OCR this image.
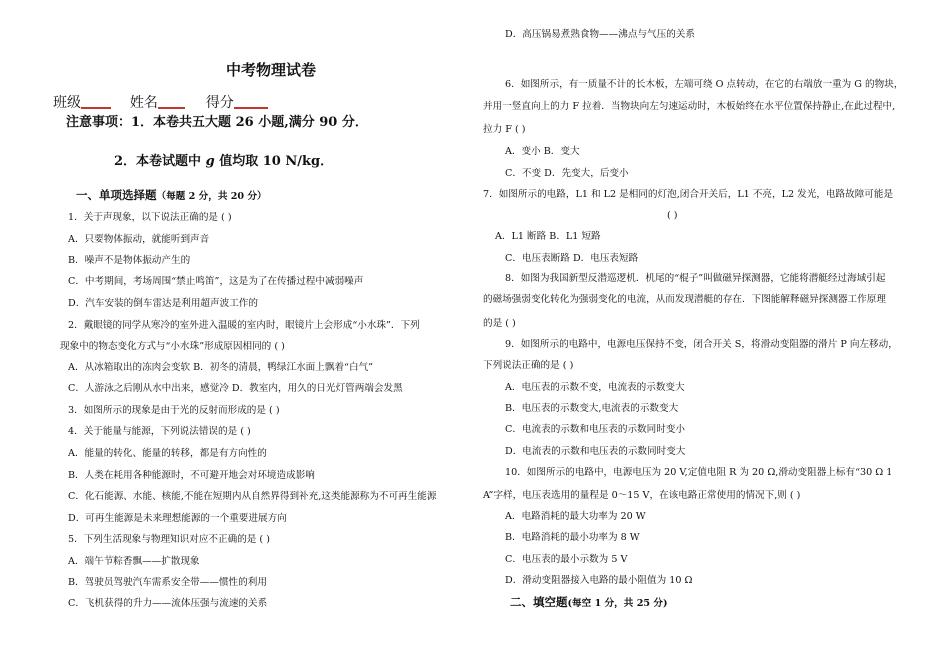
中考物理试卷
班级	姓名	得分
注意事项：1．本卷共五大题 26 小题,满分 90 分．
2．本卷试题中 g 值均取 10 N/kg．
一、单项选择题（每题 2 分，共 20 分）
1．关于声现象，以下说法正确的是 ( )
A．只要物体振动，就能听到声音
B．噪声不是物体振动产生的
C．中考期间，考场周围“禁止鸣笛”，这是为了在传播过程中减弱噪声
D．汽车安装的倒车雷达是利用超声波工作的
2．戴眼镜的同学从寒冷的室外进入温暖的室内时，眼镜片上会形成“小水珠”．下列
现象中的物态变化方式与“小水珠”形成原因相同的 ( )
A．从冰箱取出的冻肉会变软 B．初冬的清晨，鸭绿江水面上飘着“白气”
C．人游泳之后刚从水中出来，感觉冷 D．教室内，用久的日光灯管两端会发黑
3．如图所示的现象是由于光的反射而形成的是 ( )
4．关于能量与能源，下列说法错误的是 ( )
A．能量的转化、能量的转移，都是有方向性的
B．人类在耗用各种能源时，不可避开地会对环境造成影响
C．化石能源、水能、核能,不能在短期内从自然界得到补充,这类能源称为不可再生能源
D．可再生能源是未来理想能源的一个重要进展方向
5．下列生活现象与物理知识对应不正确的是 ( )
A．端午节粽香飘——扩散现象
B．驾驶员驾驶汽车需系安全带——惯性的利用
C．飞机获得的升力——流体压强与流速的关系
D．高压锅易煮熟食物——沸点与气压的关系
6．如图所示，有一质量不计的长木板，左端可绕 O 点转动，在它的右端放一重为 G 的物块，
并用一竖直向上的力 F 拉着．当物块向左匀速运动时，木板始终在水平位置保持静止,在此过程中,
拉力 F ( )
A．变小 B．变大
C．不变 D．先变大，后变小
7．如图所示的电路，L1 和 L2 是相同的灯泡,闭合开关后，L1 不亮，L2 发光，电路故障可能是
( )
A．L1 断路 B．L1 短路
C．电压表断路 D．电压表短路
8．如图为我国新型反潜巡逻机．机尾的“棍子”叫做磁异探测器，它能将潜艇经过海域引起
的磁场强弱变化转化为强弱变化的电流，从而发现潜艇的存在．下图能解释磁异探测器工作原理
的是 ( )
9．如图所示的电路中，电源电压保持不变，闭合开关 S，将滑动变阻器的滑片 P 向左移动，
下列说法正确的是 ( )
A．电压表的示数不变，电流表的示数变大
B．电压表的示数变大,电流表的示数变大
C．电流表的示数和电压表的示数同时变小
D．电流表的示数和电压表的示数同时变大
10．如图所示的电路中，电源电压为 20 V,定值电阻 R 为 20 Ω,滑动变阻器上标有“30 Ω 1
A”字样，电压表选用的量程是 0～15 V，在该电路正常使用的情况下,则 ( )
A．电路消耗的最大功率为 20 W
B．电路消耗的最小功率为 8 W
C．电压表的最小示数为 5 V
D．滑动变阻器接入电路的最小阻值为 10 Ω
二、填空题(每空 1 分，共 25 分)
